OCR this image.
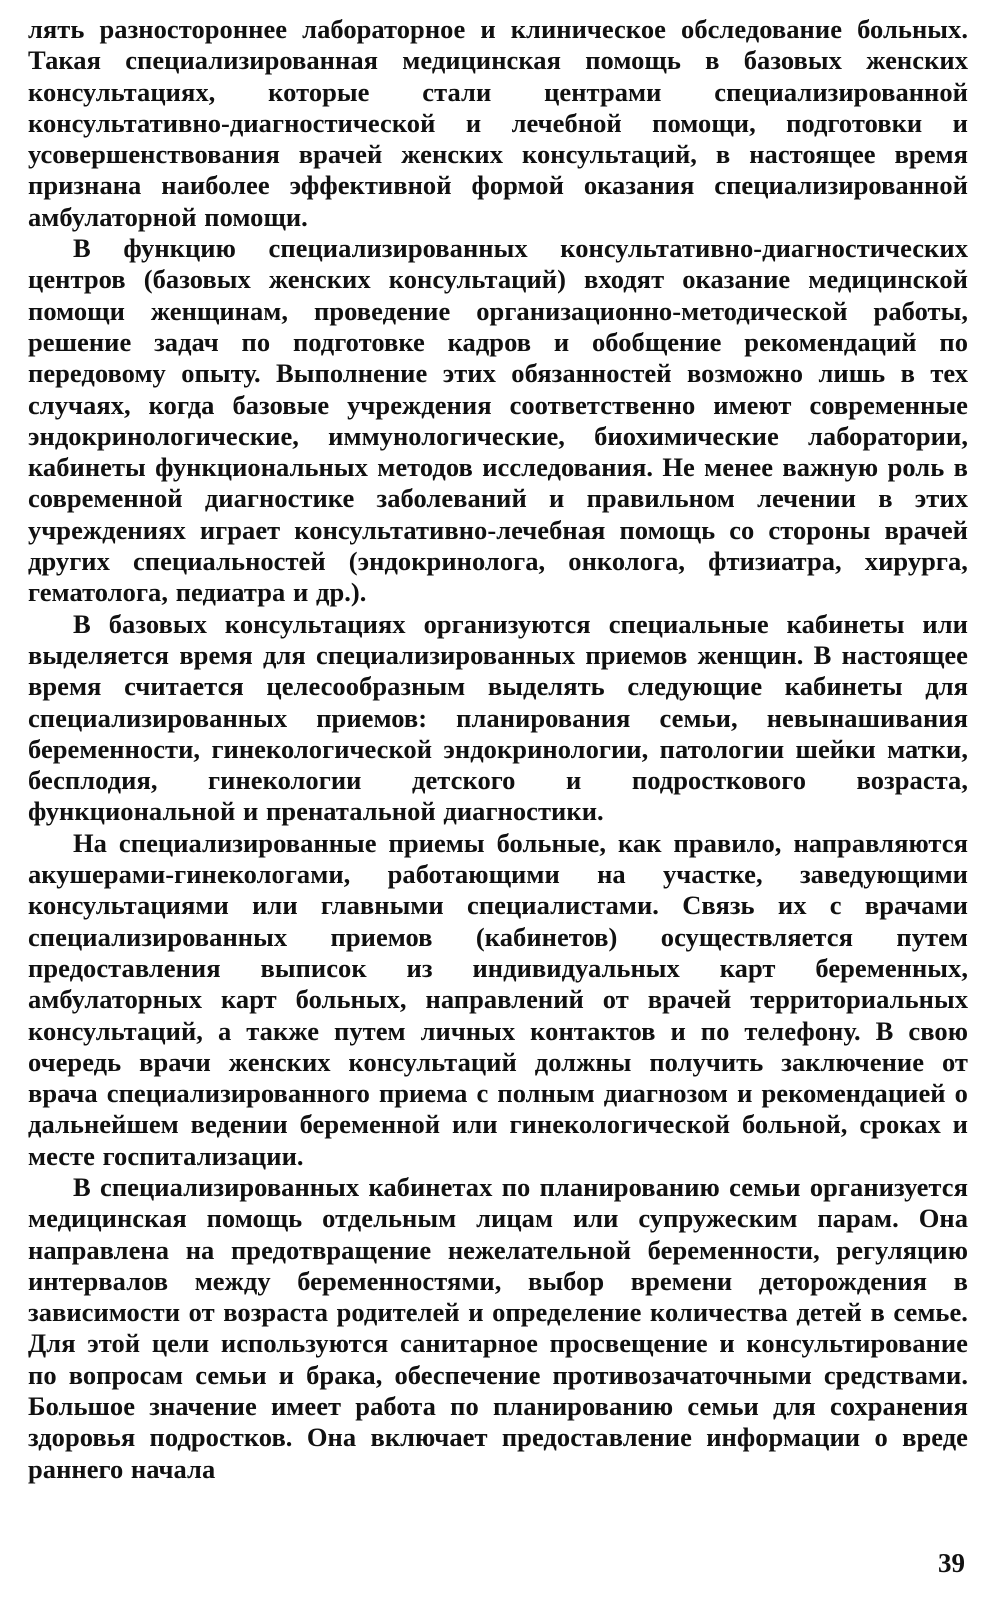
лять разностороннее лабораторное и клиническое обследование больных. Такая специализированная медицинская помощь в базовых женских консультациях, которые стали центрами специализированной консультативно-диагностической и лечебной помощи, подготовки и усовершенствования врачей женских консультаций, в настоящее время признана наиболее эффективной формой оказания специализированной амбулаторной помощи.

В функцию специализированных консультативно-диагностических центров (базовых женских консультаций) входят оказание медицинской помощи женщинам, проведение организационно-методической работы, решение задач по подготовке кадров и обобщение рекомендаций по передовому опыту. Выполнение этих обязанностей возможно лишь в тех случаях, когда базовые учреждения соответственно имеют современные эндокринологические, иммунологические, биохимические лаборатории, кабинеты функциональных методов исследования. Не менее важную роль в современной диагностике заболеваний и правильном лечении в этих учреждениях играет консультативно-лечебная помощь со стороны врачей других специальностей (эндокринолога, онколога, фтизиатра, хирурга, гематолога, педиатра и др.).

В базовых консультациях организуются специальные кабинеты или выделяется время для специализированных приемов женщин. В настоящее время считается целесообразным выделять следующие кабинеты для специализированных приемов: планирования семьи, невынашивания беременности, гинекологической эндокринологии, патологии шейки матки, бесплодия, гинекологии детского и подросткового возраста, функциональной и пренатальной диагностики.

На специализированные приемы больные, как правило, направляются акушерами-гинекологами, работающими на участке, заведующими консультациями или главными специалистами. Связь их с врачами специализированных приемов (кабинетов) осуществляется путем предоставления выписок из индивидуальных карт беременных, амбулаторных карт больных, направлений от врачей территориальных консультаций, а также путем личных контактов и по телефону. В свою очередь врачи женских консультаций должны получить заключение от врача специализированного приема с полным диагнозом и рекомендацией о дальнейшем ведении беременной или гинекологической больной, сроках и месте госпитализации.

В специализированных кабинетах по планированию семьи организуется медицинская помощь отдельным лицам или супружеским парам. Она направлена на предотвращение нежелательной беременности, регуляцию интервалов между беременностями, выбор времени деторождения в зависимости от возраста родителей и определение количества детей в семье. Для этой цели используются санитарное просвещение и консультирование по вопросам семьи и брака, обеспечение противозачаточными средствами. Большое значение имеет работа по планированию семьи для сохранения здоровья подростков. Она включает предоставление информации о вреде раннего начала

39
